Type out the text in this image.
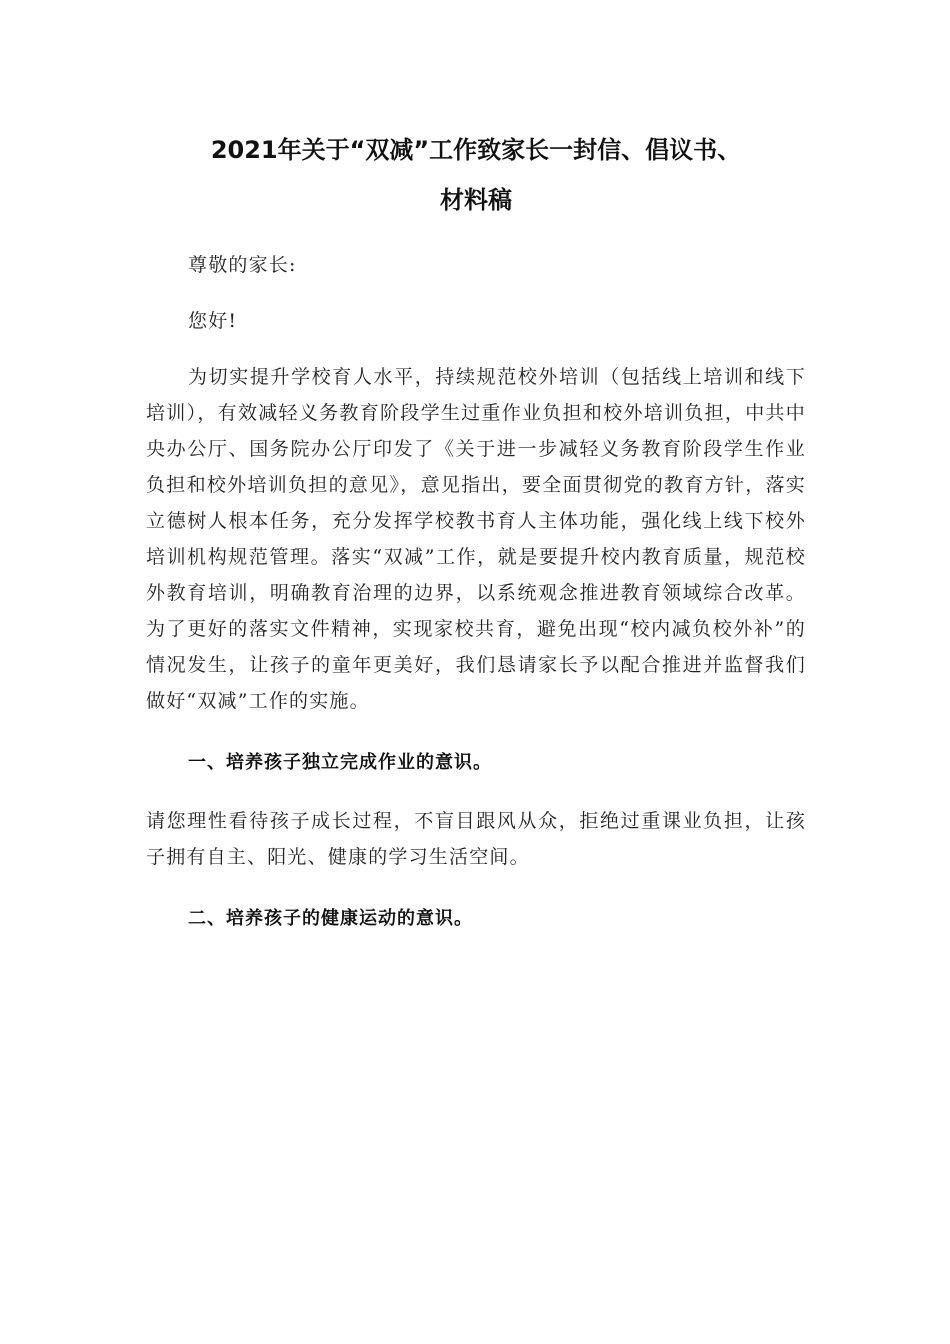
2021年关于“双减”工作致家长一封信、倡议书、
材料稿

尊敬的家长:

您好!

为切实提升学校育人水平，持续规范校外培训（包括线上培训和线下培训），有效减轻义务教育阶段学生过重作业负担和校外培训负担，中共中央办公厅、国务院办公厅印发了《关于进一步减轻义务教育阶段学生作业负担和校外培训负担的意见》，意见指出，要全面贯彻党的教育方针，落实立德树人根本任务，充分发挥学校教书育人主体功能，强化线上线下校外培训机构规范管理。落实“双减”工作，就是要提升校内教育质量，规范校外教育培训，明确教育治理的边界，以系统观念推进教育领域综合改革。为了更好的落实文件精神，实现家校共育，避免出现“校内减负校外补”的情况发生，让孩子的童年更美好，我们恳请家长予以配合推进并监督我们做好“双减”工作的实施。

一、培养孩子独立完成作业的意识。

请您理性看待孩子成长过程，不盲目跟风从众，拒绝过重课业负担，让孩子拥有自主、阳光、健康的学习生活空间。

二、培养孩子的健康运动的意识。
